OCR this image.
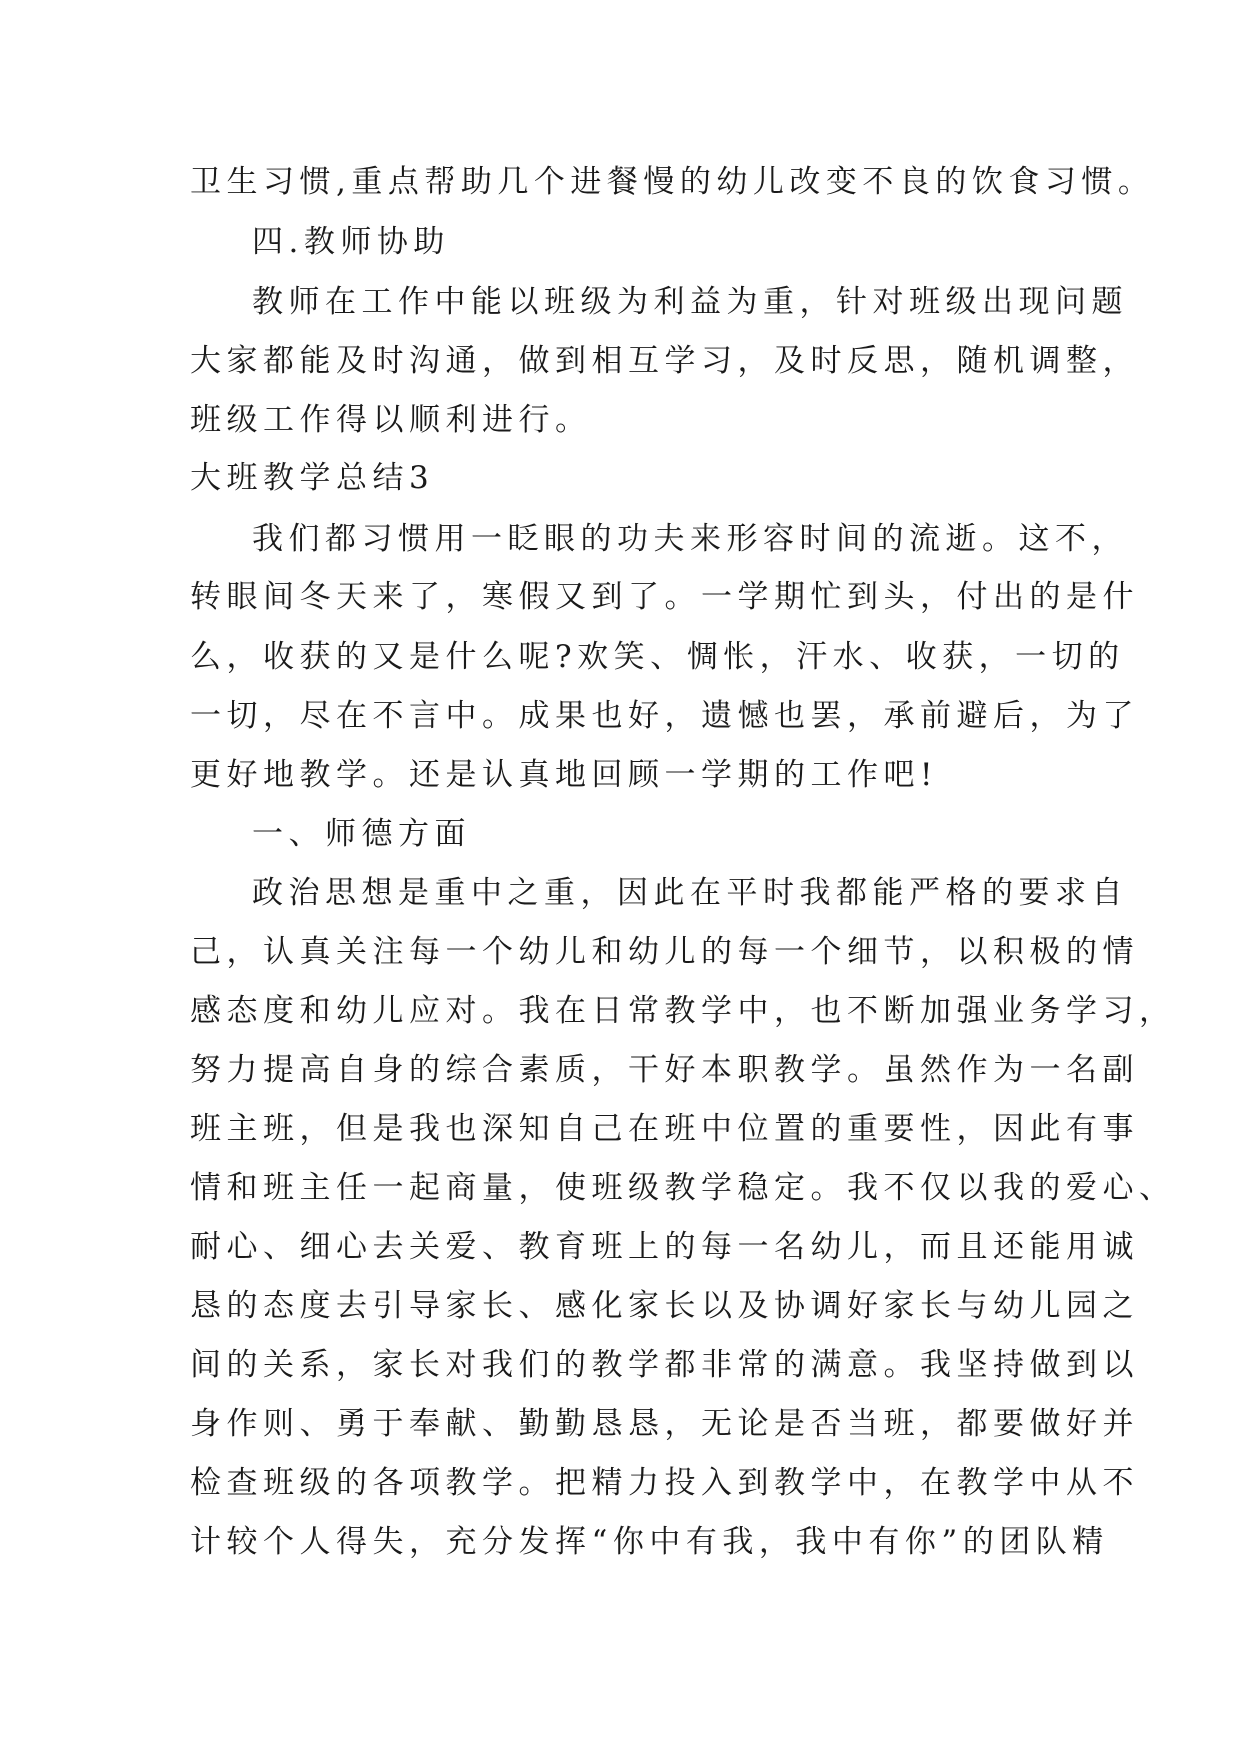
卫生习惯,重点帮助几个进餐慢的幼儿改变不良的饮食习惯。
四.教师协助
教师在工作中能以班级为利益为重，针对班级出现问题
大家都能及时沟通，做到相互学习，及时反思，随机调整，
班级工作得以顺利进行。
大班教学总结3
我们都习惯用一眨眼的功夫来形容时间的流逝。这不，
转眼间冬天来了，寒假又到了。一学期忙到头，付出的是什
么，收获的又是什么呢?欢笑、惆怅，汗水、收获，一切的
一切，尽在不言中。成果也好，遗憾也罢，承前避后，为了
更好地教学。还是认真地回顾一学期的工作吧!
一、师德方面
政治思想是重中之重，因此在平时我都能严格的要求自
己，认真关注每一个幼儿和幼儿的每一个细节，以积极的情
感态度和幼儿应对。我在日常教学中，也不断加强业务学习，
努力提高自身的综合素质，干好本职教学。虽然作为一名副
班主班，但是我也深知自己在班中位置的重要性，因此有事
情和班主任一起商量，使班级教学稳定。我不仅以我的爱心、
耐心、细心去关爱、教育班上的每一名幼儿，而且还能用诚
恳的态度去引导家长、感化家长以及协调好家长与幼儿园之
间的关系，家长对我们的教学都非常的满意。我坚持做到以
身作则、勇于奉献、勤勤恳恳，无论是否当班，都要做好并
检查班级的各项教学。把精力投入到教学中，在教学中从不
计较个人得失，充分发挥“你中有我，我中有你”的团队精
